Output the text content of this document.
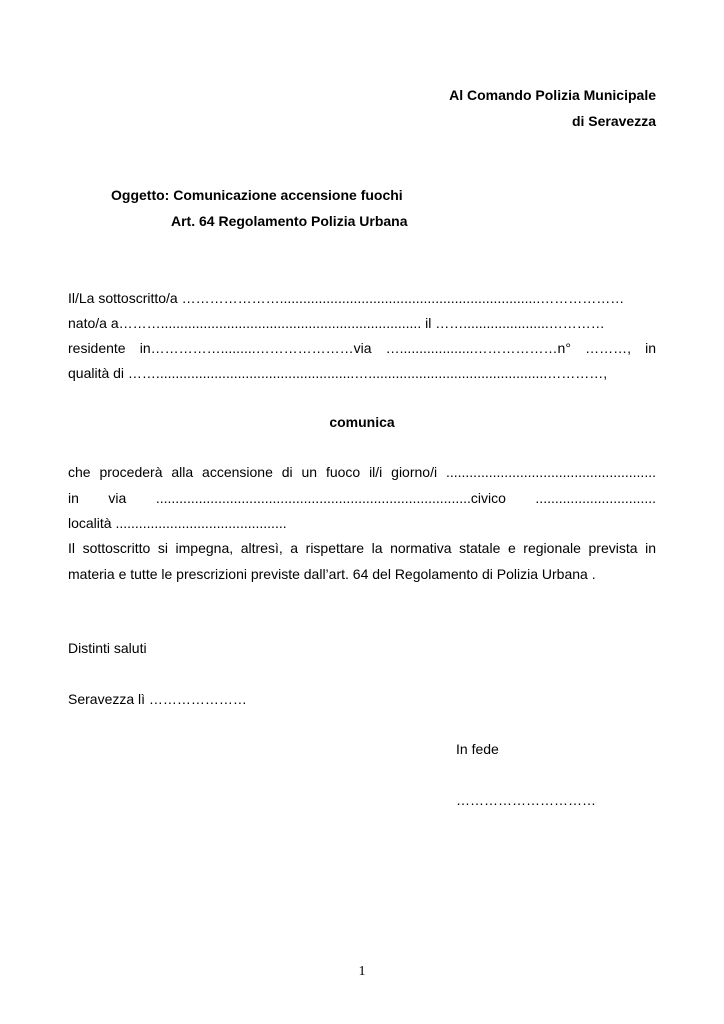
Al Comando Polizia Municipale
di Seravezza
Oggetto: Comunicazione accensione fuochi
Art. 64 Regolamento Polizia Urbana
Il/La sottoscritto/a …………………...................................................................………………
nato/a a………................................................................... il ……......................…………
residente in…………….........…………………via …...................………………n° ………, in
qualità di ……...................................................…..............................................…………,
comunica
che procederà alla accensione di un fuoco il/i giorno/i ......................................................
in via .................................................................................civico ...............................
località ............................................
Il sottoscritto si impegna, altresì, a rispettare la normativa statale e regionale prevista in
materia e tutte le prescrizioni previste dall’art. 64 del Regolamento di Polizia Urbana .
Distinti saluti
Seravezza lì …………………
In fede
…………………………
1
